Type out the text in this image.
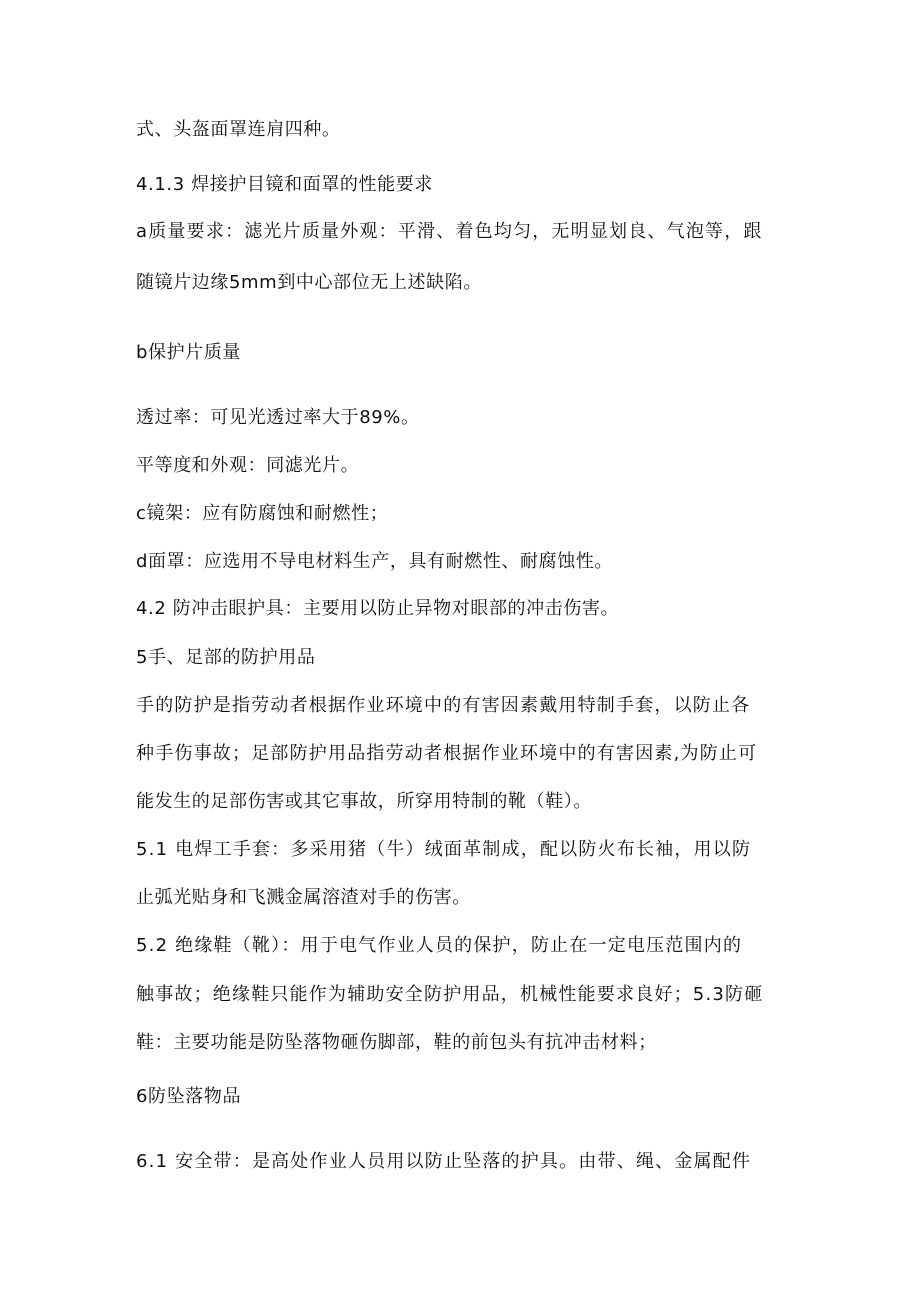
式、头盔面罩连肩四种。
4.1.3 焊接护目镜和面罩的性能要求
a质量要求：滤光片质量外观：平滑、着色均匀，无明显划良、气泡等，跟
随镜片边缘5mm到中心部位无上述缺陷。
b保护片质量
透过率：可见光透过率大于89%。
平等度和外观：同滤光片。
c镜架：应有防腐蚀和耐燃性；
d面罩：应选用不导电材料生产，具有耐燃性、耐腐蚀性。
4.2 防冲击眼护具：主要用以防止异物对眼部的冲击伤害。
5手、足部的防护用品
手的防护是指劳动者根据作业环境中的有害因素戴用特制手套，以防止各
种手伤事故；足部防护用品指劳动者根据作业环境中的有害因素,为防止可
能发生的足部伤害或其它事故，所穿用特制的靴（鞋）。
5.1 电焊工手套：多采用猪（牛）绒面革制成，配以防火布长袖，用以防
止弧光贴身和飞溅金属溶渣对手的伤害。
5.2 绝缘鞋（靴）：用于电气作业人员的保护，防止在一定电压范围内的
触事故；绝缘鞋只能作为辅助安全防护用品，机械性能要求良好；5.3防砸
鞋：主要功能是防坠落物砸伤脚部，鞋的前包头有抗冲击材料；
6防坠落物品
6.1 安全带：是高处作业人员用以防止坠落的护具。由带、绳、金属配件
